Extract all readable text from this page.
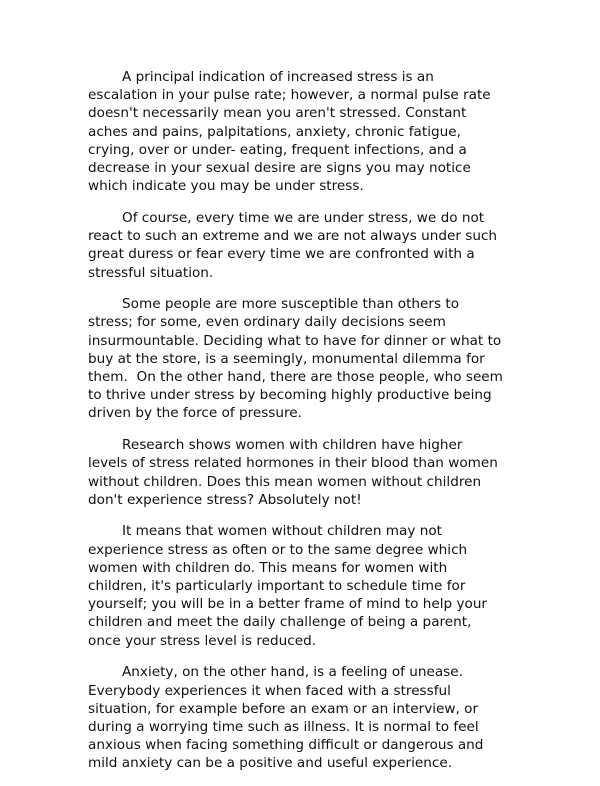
A principal indication of increased stress is an
escalation in your pulse rate; however, a normal pulse rate
doesn't necessarily mean you aren't stressed. Constant
aches and pains, palpitations, anxiety, chronic fatigue,
crying, over or under- eating, frequent infections, and a
decrease in your sexual desire are signs you may notice
which indicate you may be under stress.
Of course, every time we are under stress, we do not
react to such an extreme and we are not always under such
great duress or fear every time we are confronted with a
stressful situation.
Some people are more susceptible than others to
stress; for some, even ordinary daily decisions seem
insurmountable. Deciding what to have for dinner or what to
buy at the store, is a seemingly, monumental dilemma for
them.  On the other hand, there are those people, who seem
to thrive under stress by becoming highly productive being
driven by the force of pressure.
Research shows women with children have higher
levels of stress related hormones in their blood than women
without children. Does this mean women without children
don't experience stress? Absolutely not!
It means that women without children may not
experience stress as often or to the same degree which
women with children do. This means for women with
children, it's particularly important to schedule time for
yourself; you will be in a better frame of mind to help your
children and meet the daily challenge of being a parent,
once your stress level is reduced.
Anxiety, on the other hand, is a feeling of unease.
Everybody experiences it when faced with a stressful
situation, for example before an exam or an interview, or
during a worrying time such as illness. It is normal to feel
anxious when facing something difficult or dangerous and
mild anxiety can be a positive and useful experience.
